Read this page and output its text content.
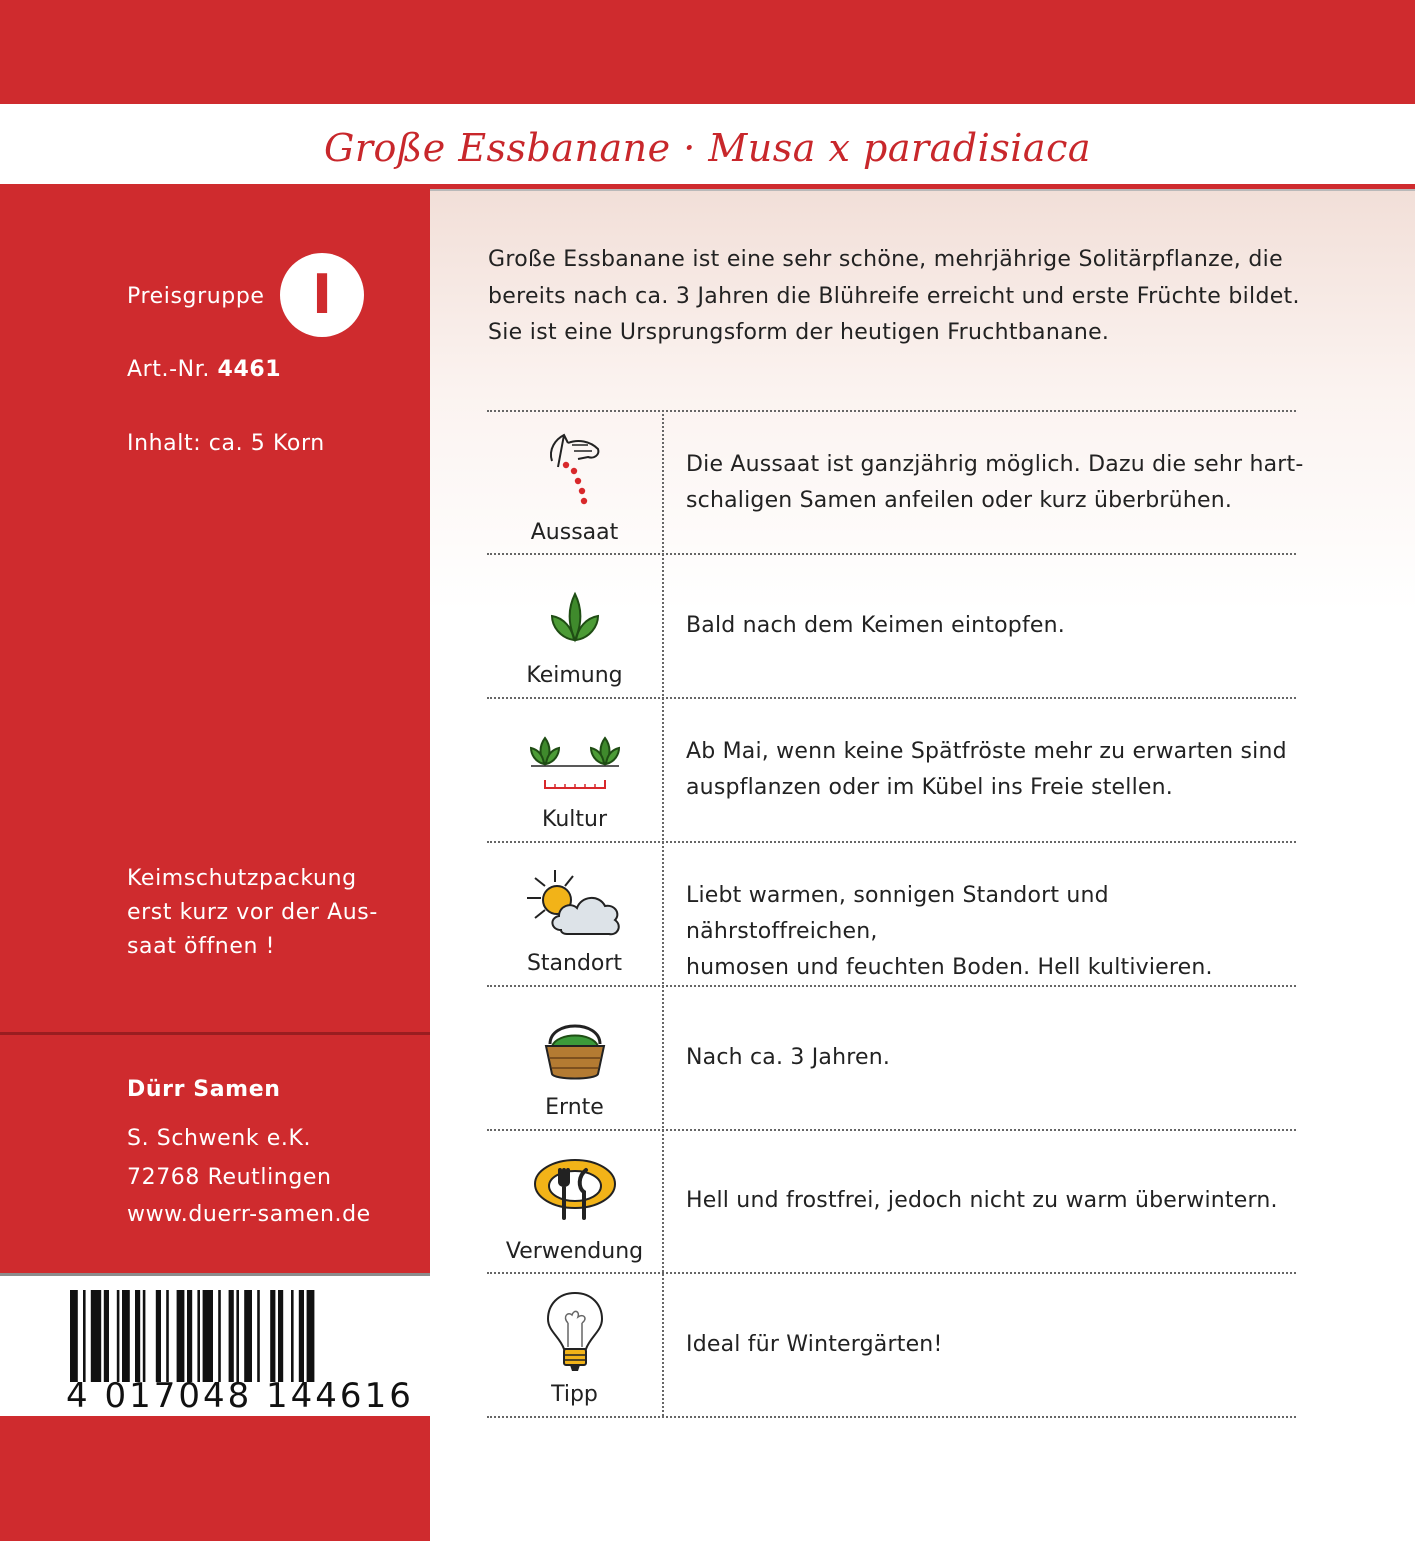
Große Essbanane · Musa x paradisiaca
Preisgruppe I
Art.-Nr. 4461
Inhalt: ca. 5 Korn
Keimschutzpackung
erst kurz vor der Aus-
saat öffnen !
Dürr Samen
S. Schwenk e.K.
72768 Reutlingen
www.duerr-samen.de
4 017048 144616
Große Essbanane ist eine sehr schöne, mehrjährige Solitärpflanze, die
bereits nach ca. 3 Jahren die Blühreife erreicht und erste Früchte bildet.
Sie ist eine Ursprungsform der heutigen Fruchtbanane.
Aussaat
Die Aussaat ist ganzjährig möglich. Dazu die sehr hart-
schaligen Samen anfeilen oder kurz überbrühen.
Keimung
Bald nach dem Keimen eintopfen.
Kultur
Ab Mai, wenn keine Spätfröste mehr zu erwarten sind
auspflanzen oder im Kübel ins Freie stellen.
Standort
Liebt warmen, sonnigen Standort und nährstoffreichen,
humosen und feuchten Boden. Hell kultivieren.
Ernte
Nach ca. 3 Jahren.
Verwendung
Hell und frostfrei, jedoch nicht zu warm überwintern.
Tipp
Ideal für Wintergärten!
